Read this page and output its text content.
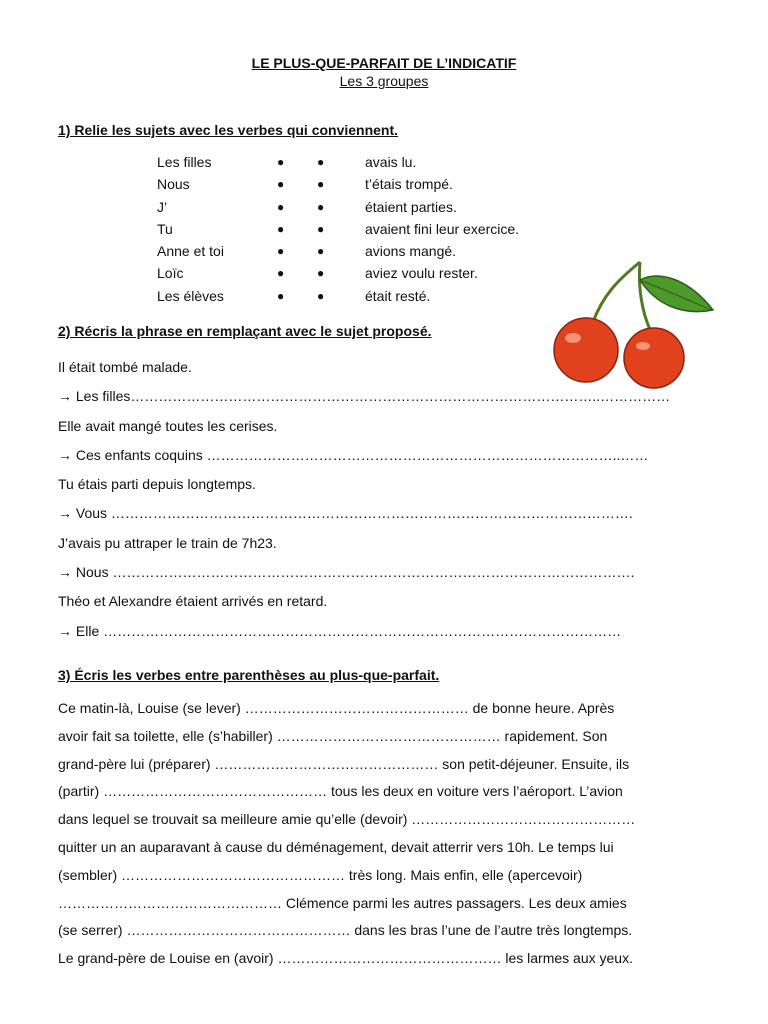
LE PLUS-QUE-PARFAIT DE L’INDICATIF
Les 3 groupes
1) Relie les sujets avec les verbes qui conviennent.
Les filles	●	●	avais lu.
Nous	●	●	t’étais trompé.
J’	●	●	étaient parties.
Tu	●	●	avaient fini leur exercice.
Anne et toi	●	●	avions mangé.
Loïc	●	●	aviez voulu rester.
Les élèves	●	●	était resté.
2) Récris la phrase en remplaçant avec le sujet proposé.
Il était tombé malade.
→ Les filles………………………………………………………………………………………..……………
Elle avait mangé toutes les cerises.
→ Ces enfants coquins ……………………………………………………………………………..……
Tu étais parti depuis longtemps.
→ Vous ………………………………………………………………………………………………….
J’avais pu attraper le train de 7h23.
→ Nous ………………………………………………………………………………………………….
Théo et Alexandre étaient arrivés en retard.
→ Elle …………………………………………………………………………………………………
3) Écris les verbes entre parenthèses au plus-que-parfait.
Ce matin-là, Louise (se lever) ………………………………………… de bonne heure. Après
avoir fait sa toilette, elle (s’habiller) ………………………………………… rapidement. Son
grand-père lui (préparer) ………………………………………… son petit-déjeuner. Ensuite, ils
(partir) ………………………………………… tous les deux en voiture vers l’aéroport. L’avion
dans lequel se trouvait sa meilleure amie qu’elle (devoir) …………………………………………
quitter un an auparavant à cause du déménagement, devait atterrir vers 10h. Le temps lui
(sembler) ………………………………………… très long. Mais enfin, elle (apercevoir)
………………………………………… Clémence parmi les autres passagers. Les deux amies
(se serrer) ………………………………………… dans les bras l’une de l’autre très longtemps.
Le grand-père de Louise en (avoir) ………………………………………… les larmes aux yeux.
